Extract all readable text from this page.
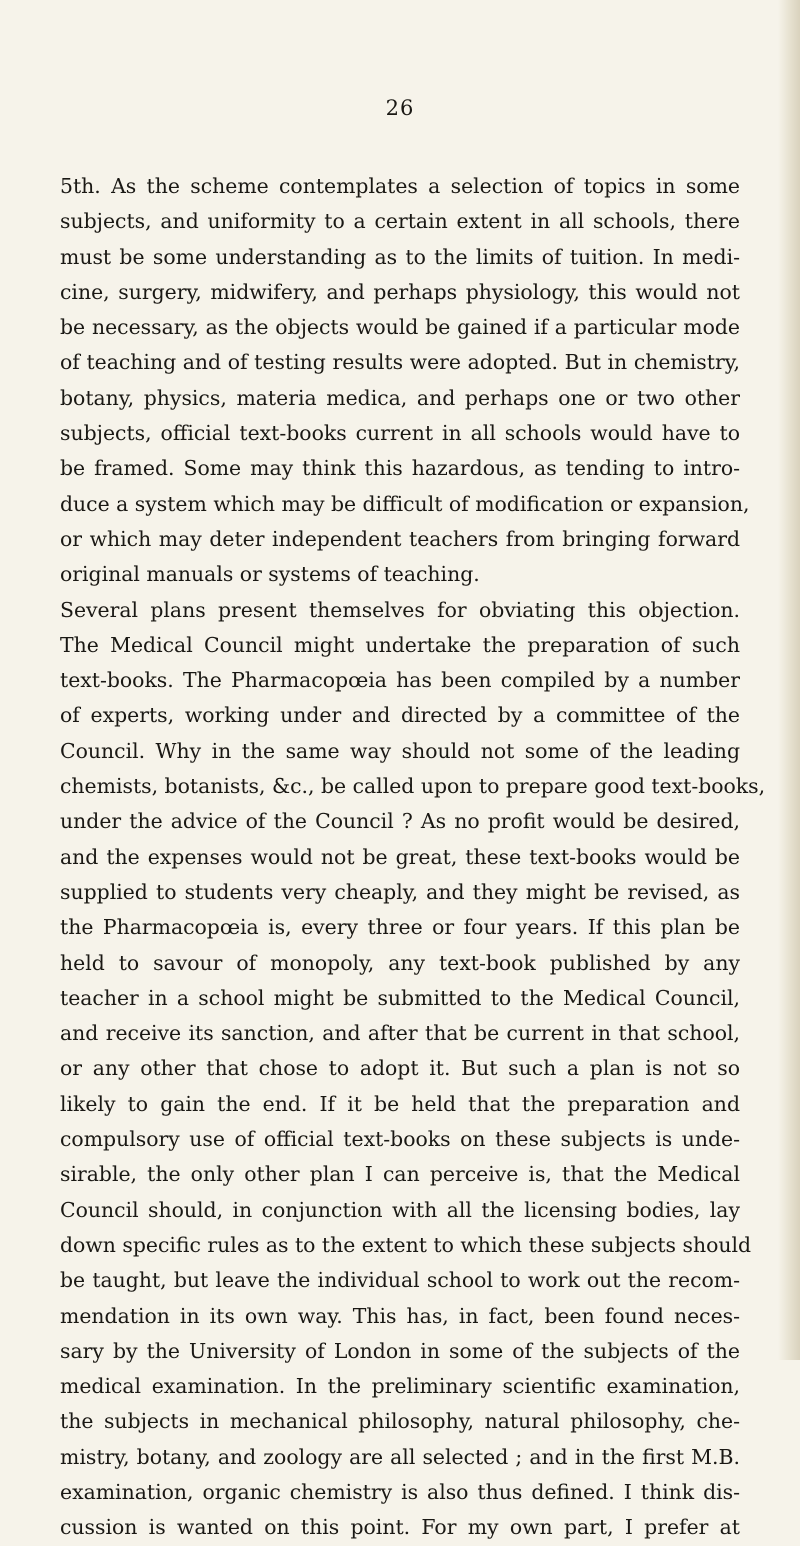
26

5th. As the scheme contemplates a selection of topics in some
subjects, and uniformity to a certain extent in all schools, there
must be some understanding as to the limits of tuition. In medi-
cine, surgery, midwifery, and perhaps physiology, this would not
be necessary, as the objects would be gained if a particular mode
of teaching and of testing results were adopted. But in chemistry,
botany, physics, materia medica, and perhaps one or two other
subjects, official text-books current in all schools would have to
be framed. Some may think this hazardous, as tending to intro-
duce a system which may be difficult of modification or expansion,
or which may deter independent teachers from bringing forward
original manuals or systems of teaching.
Several plans present themselves for obviating this objection.
The Medical Council might undertake the preparation of such
text-books. The Pharmacopœia has been compiled by a number
of experts, working under and directed by a committee of the
Council. Why in the same way should not some of the leading
chemists, botanists, &c., be called upon to prepare good text-books,
under the advice of the Council ? As no profit would be desired,
and the expenses would not be great, these text-books would be
supplied to students very cheaply, and they might be revised, as
the Pharmacopœia is, every three or four years. If this plan be
held to savour of monopoly, any text-book published by any
teacher in a school might be submitted to the Medical Council,
and receive its sanction, and after that be current in that school,
or any other that chose to adopt it. But such a plan is not so
likely to gain the end. If it be held that the preparation and
compulsory use of official text-books on these subjects is unde-
sirable, the only other plan I can perceive is, that the Medical
Council should, in conjunction with all the licensing bodies, lay
down specific rules as to the extent to which these subjects should
be taught, but leave the individual school to work out the recom-
mendation in its own way. This has, in fact, been found neces-
sary by the University of London in some of the subjects of the
medical examination. In the preliminary scientific examination,
the subjects in mechanical philosophy, natural philosophy, che-
mistry, botany, and zoology are all selected ; and in the first M.B.
examination, organic chemistry is also thus defined. I think dis-
cussion is wanted on this point. For my own part, I prefer at
